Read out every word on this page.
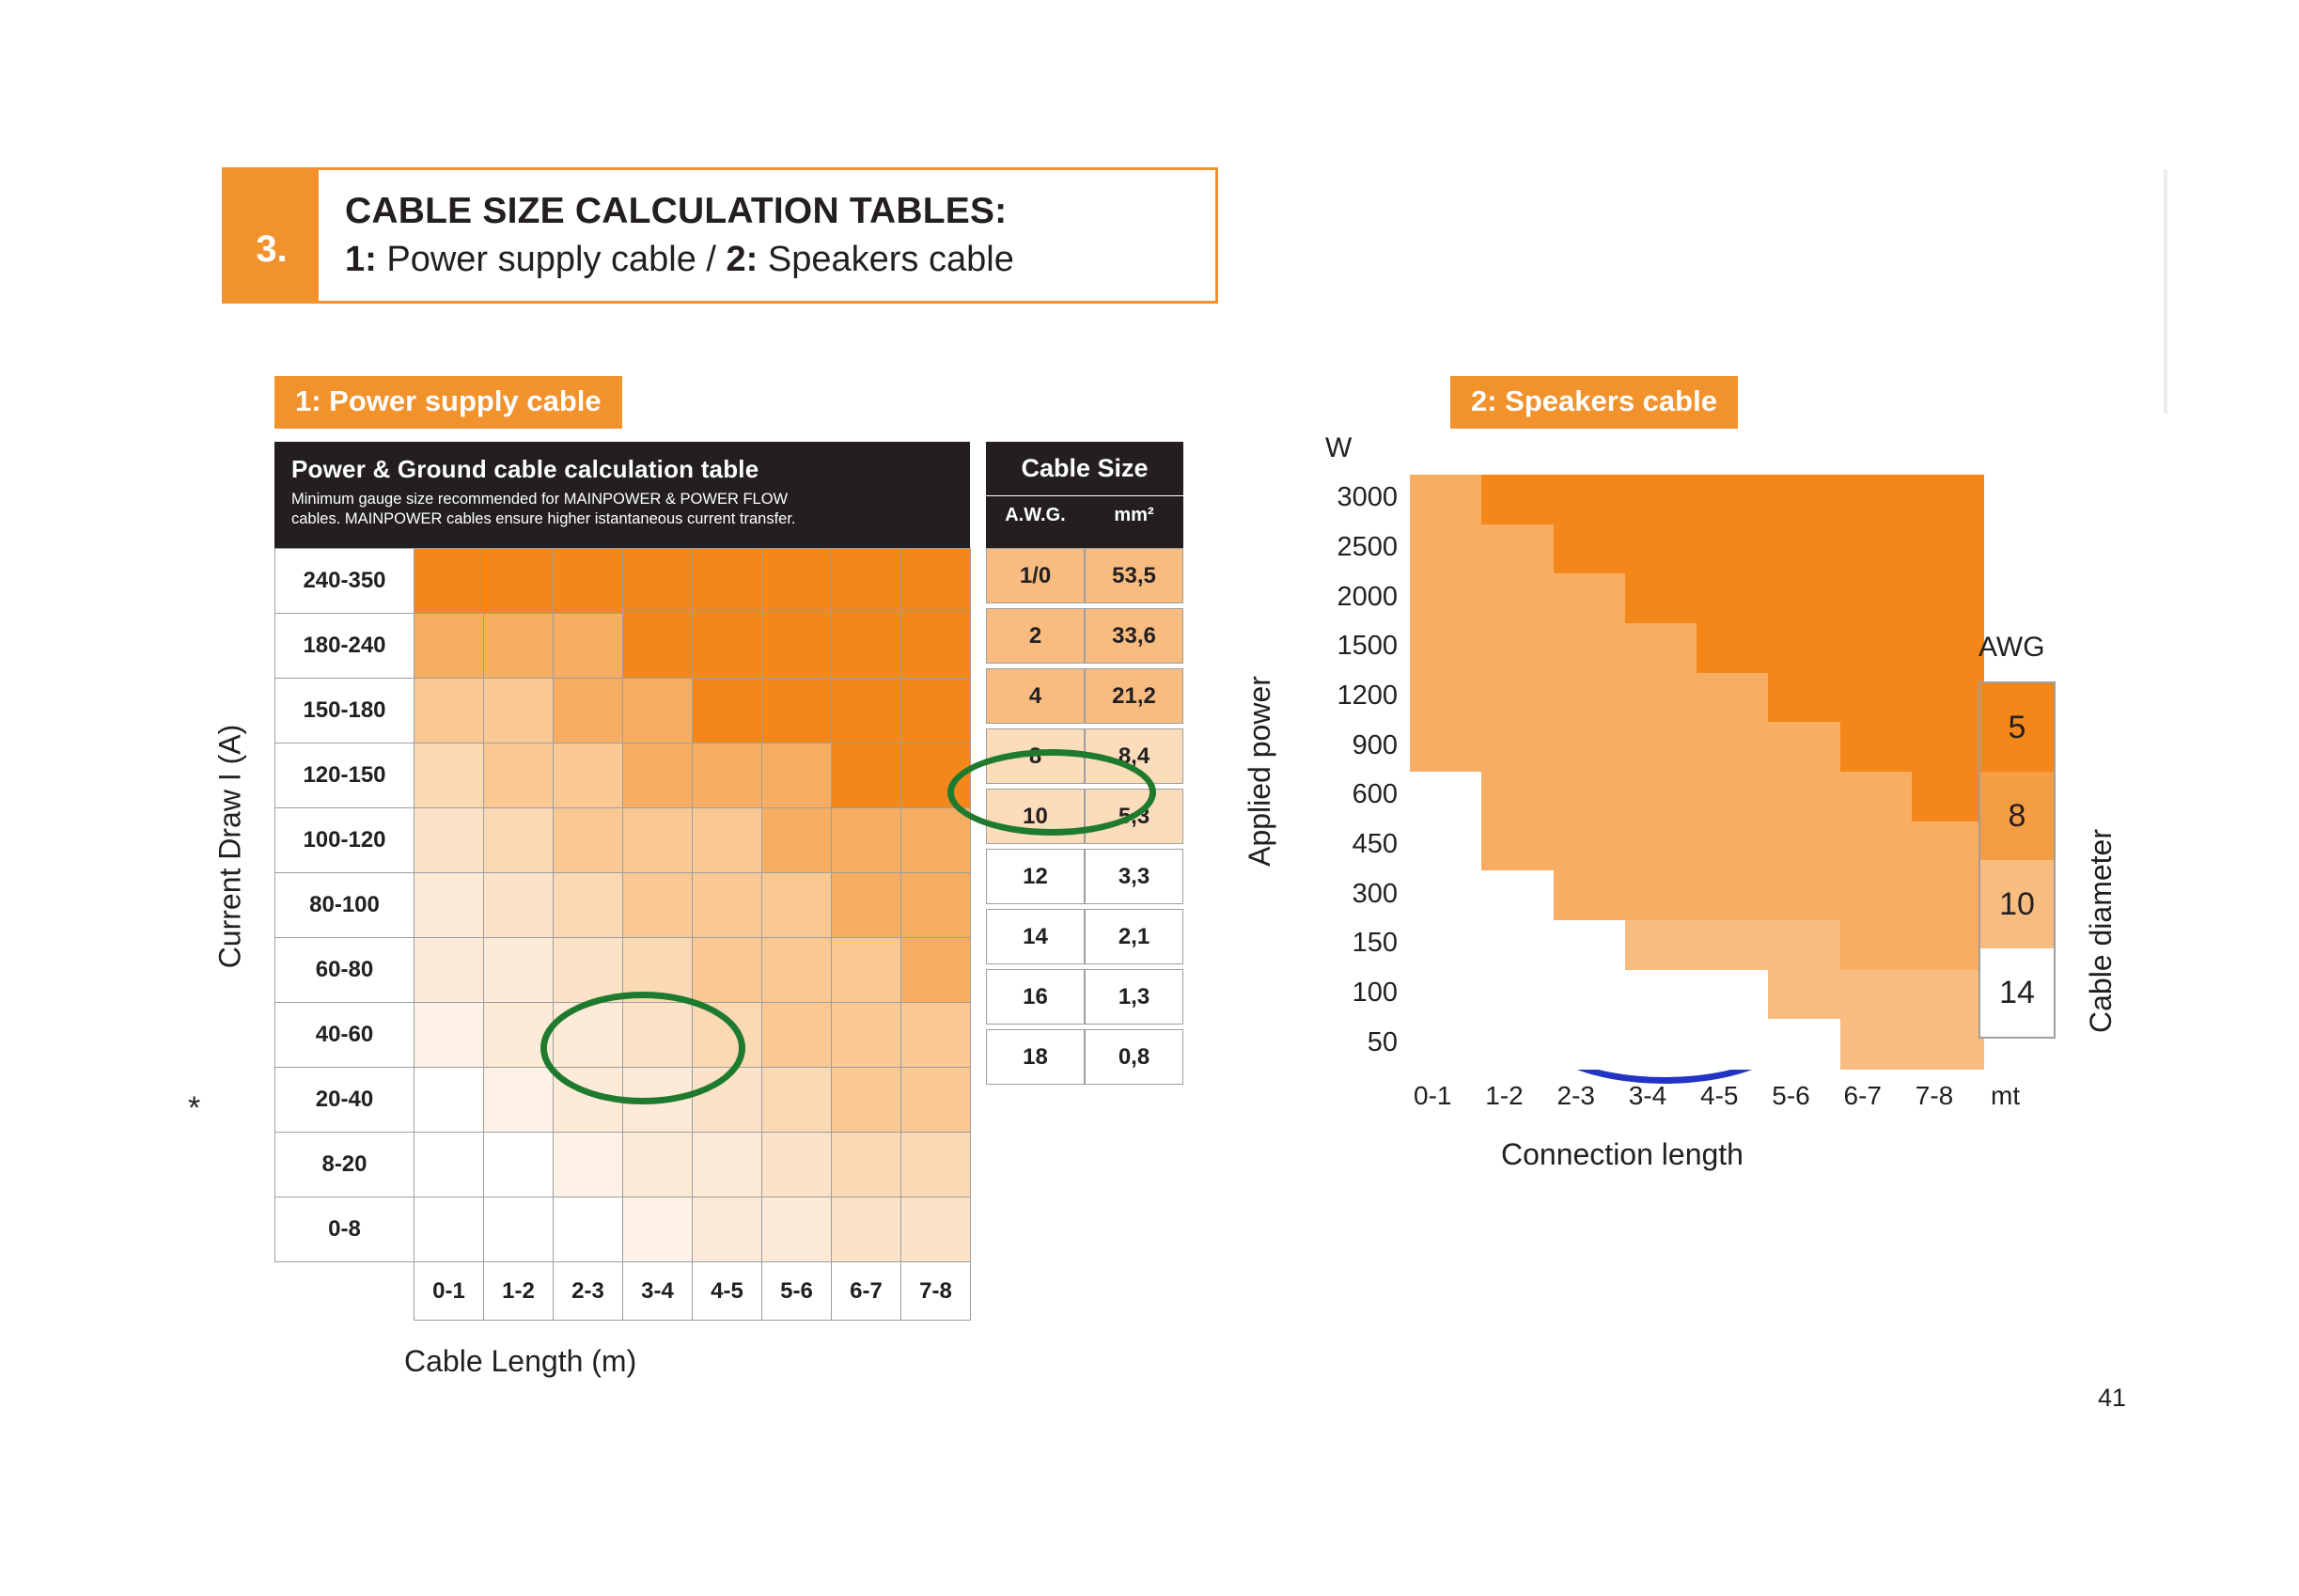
3.
CABLE SIZE CALCULATION TABLES:
1: Power supply cable / 2: Speakers cable
1: Power supply cable	2: Speakers cable
Power & Ground cable calculation table
Minimum gauge size recommended for MAINPOWER & POWER FLOW
cables. MAINPOWER cables ensure higher istantaneous current transfer.
240-350								
180-240								
150-180								
120-150								
100-120								
80-100								
60-80								
40-60								
20-40								
8-20								
0-8								
	0-1	1-2	2-3	3-4	4-5	5-6	6-7	7-8
Current Draw I (A)
Cable Length (m)
*
Cable Size
A.W.G.	mm²
1/0	53,5
2	33,6
4	21,2
8	8,4
10	5,3
12	3,3
14	2,1
16	1,3
18	0,8
W
3000
2500
2000
1500
1200
900
600
450
300
150
100
50
0-1 1-2 2-3 3-4 4-5 5-6 6-7 7-8 mt
Connection length
Applied power
AWG
5
8
10
14	Cable diameter
41
